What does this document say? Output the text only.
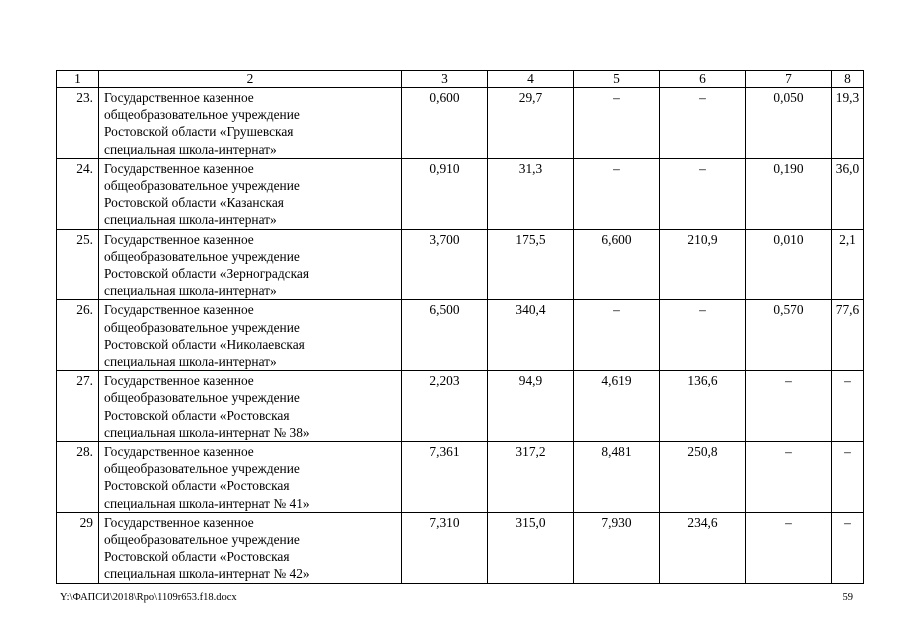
1	2	3	4	5	6	7	8

23.	Государственное казенное
общеобразовательное учреждение
Ростовской области «Грушевская
специальная школа-интернат»	0,600	29,7	–	–	0,050	19,3

24.	Государственное казенное
общеобразовательное учреждение
Ростовской области «Казанская
специальная школа-интернат»	0,910	31,3	–	–	0,190	36,0

25.	Государственное казенное
общеобразовательное учреждение
Ростовской области «Зерноградская
специальная школа-интернат»	3,700	175,5	6,600	210,9	0,010	2,1

26.	Государственное казенное
общеобразовательное учреждение
Ростовской области «Николаевская
специальная школа-интернат»	6,500	340,4	–	–	0,570	77,6

27.	Государственное казенное
общеобразовательное учреждение
Ростовской области «Ростовская
специальная школа-интернат № 38»	2,203	94,9	4,619	136,6	–	–

28.	Государственное казенное
общеобразовательное учреждение
Ростовской области «Ростовская
специальная школа-интернат № 41»	7,361	317,2	8,481	250,8	–	–

29	Государственное казенное
общеобразовательное учреждение
Ростовской области «Ростовская
специальная школа-интернат № 42»	7,310	315,0	7,930	234,6	–	–
Y:\ФАПСИ\2018\Rpo\1109r653.f18.docx	59
